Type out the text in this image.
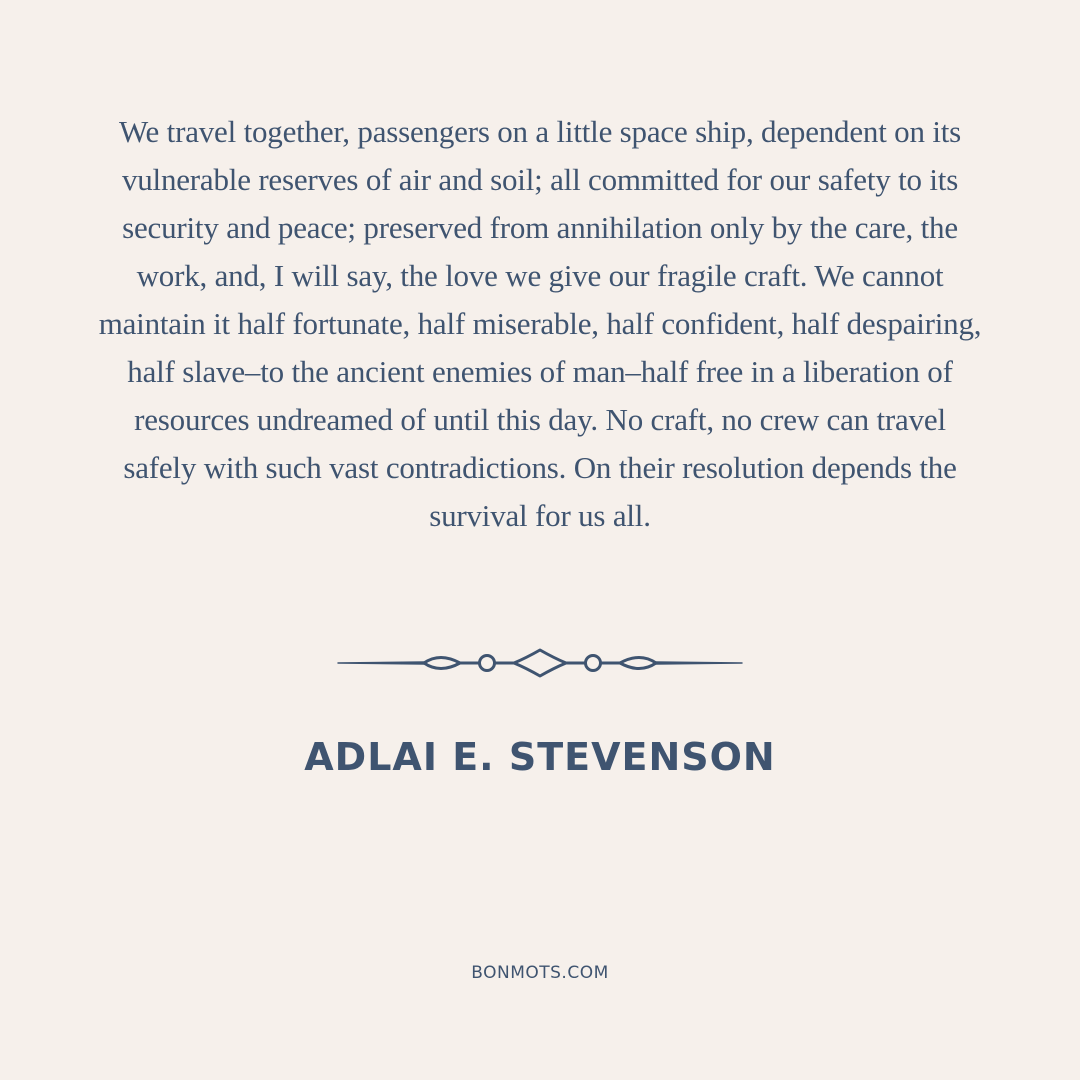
We travel together, passengers on a little space ship, dependent on its vulnerable reserves of air and soil; all committed for our safety to its security and peace; preserved from annihilation only by the care, the work, and, I will say, the love we give our fragile craft. We cannot maintain it half fortunate, half miserable, half confident, half despairing, half slave–to the ancient enemies of man–half free in a liberation of resources undreamed of until this day. No craft, no crew can travel safely with such vast contradictions. On their resolution depends the survival for us all.

ADLAI E. STEVENSON
BONMOTS.COM
